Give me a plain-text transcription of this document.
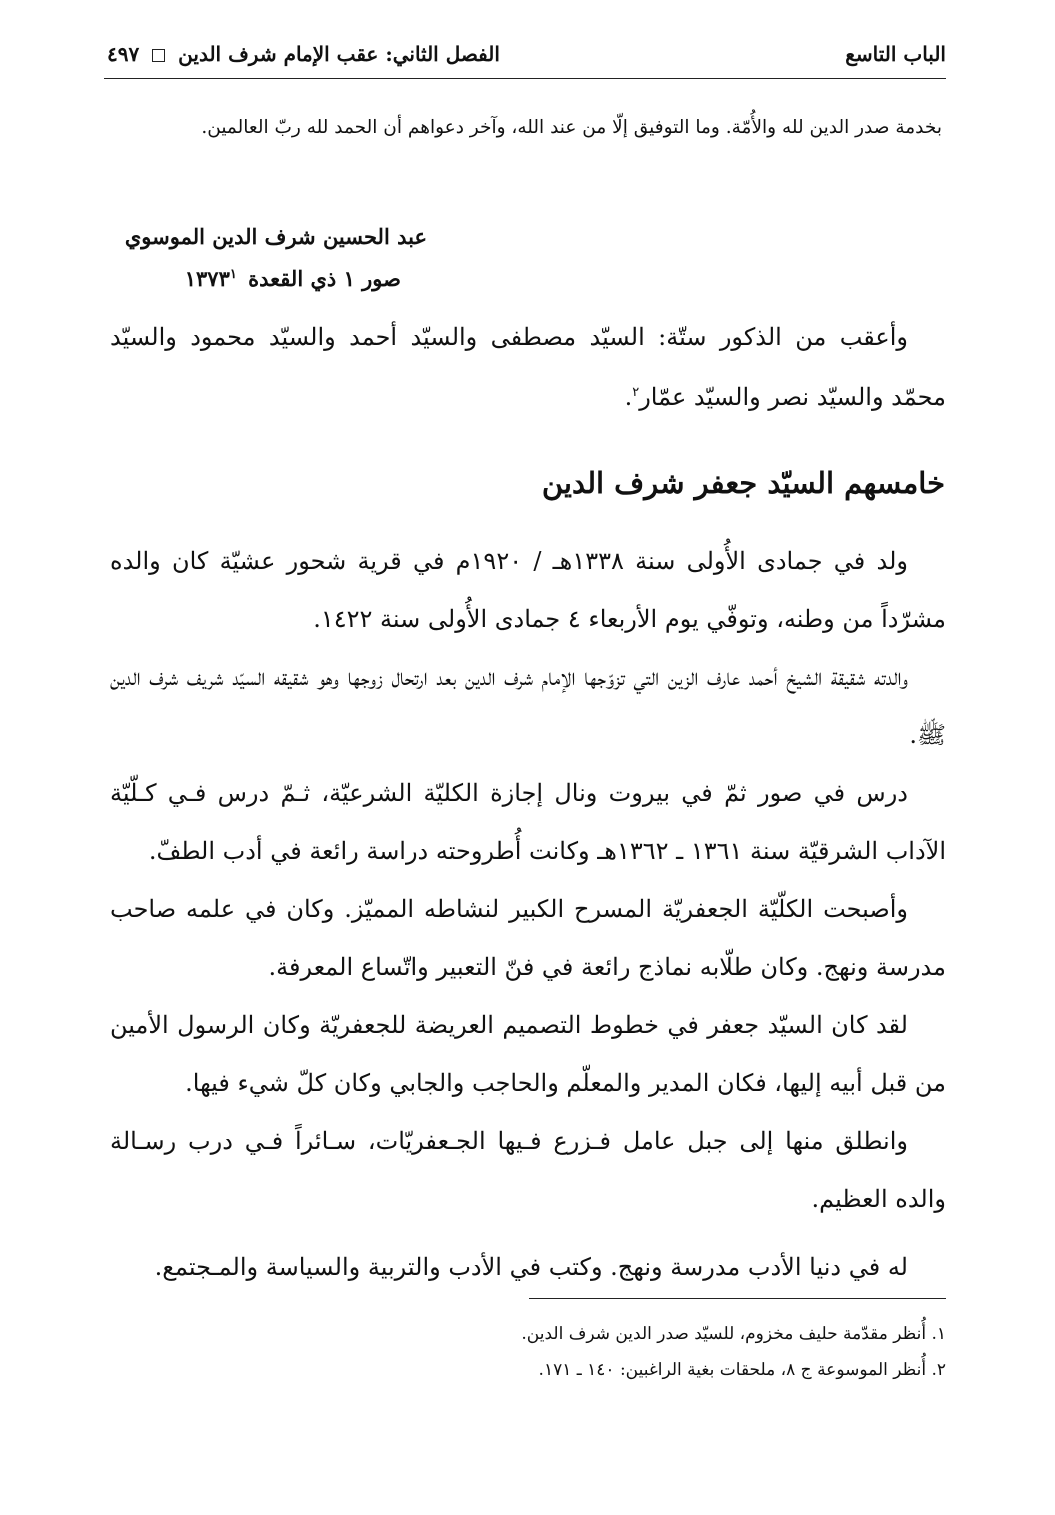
الباب التاسع
الفصل الثاني: عقب الإمام شرف الدين  ٤٩٧
بخدمة صدر الدين لله والأُمّة. وما التوفيق إلّا من عند الله، وآخر دعواهم أن الحمد لله ربّ العالمين.
عبد الحسين شرف الدين الموسوي
صور ١ ذي القعدة ١٣٧٣$^١$

وأعقب من الذكور ستّة: السيّد مصطفى والسيّد أحمد والسيّد محمود والسيّد محمّد والسيّد نصر والسيّد عمّار$^٢$.

خامسهم السيّد جعفر شرف الدين

ولد في جمادى الأُولى سنة ١٣٣٨هـ / ١٩٢٠م في قرية شحور عشيّة كان والده مشرّداً من وطنه، وتوفّي يوم الأربعاء ٤ جمادى الأُولى سنة ١٤٢٢.

والدته شقيقة الشيخ أحمد عارف الزين التي تزوّجها الإمام شرف الدين بعد ارتحال زوجها وهو شقيقه السيّد شريف شرف الدين ﷺ.

درس في صور ثمّ في بيروت ونال إجازة الكليّة الشرعيّة، ثـمّ درس فـي كـلّيّة الآداب الشرقيّة سنة ١٣٦١ ـ ١٣٦٢هـ وكانت أُطروحته دراسة رائعة في أدب الطفّ.

وأصبحت الكلّيّة الجعفريّة المسرح الكبير لنشاطه المميّز. وكان في علمه صاحب مدرسة ونهج. وكان طلّابه نماذج رائعة في فنّ التعبير واتّساع المعرفة.

لقد كان السيّد جعفر في خطوط التصميم العريضة للجعفريّة وكان الرسول الأمين من قبل أبيه إليها، فكان المدير والمعلّم والحاجب والجابي وكان كلّ شيء فيها.

وانطلق منها إلى جبل عامل فـزرع فـيها الجـعفريّات، سـائراً فـي درب رسـالة والده العظيم.

له في دنيا الأدب مدرسة ونهج. وكتب في الأدب والتربية والسياسة والمـجتمع.

١. أُنظر مقدّمة حليف مخزوم، للسيّد صدر الدين شرف الدين.

٢. أُنظر الموسوعة ج ٨، ملحقات بغية الراغبين: ١٤٠ ـ ١٧١.
